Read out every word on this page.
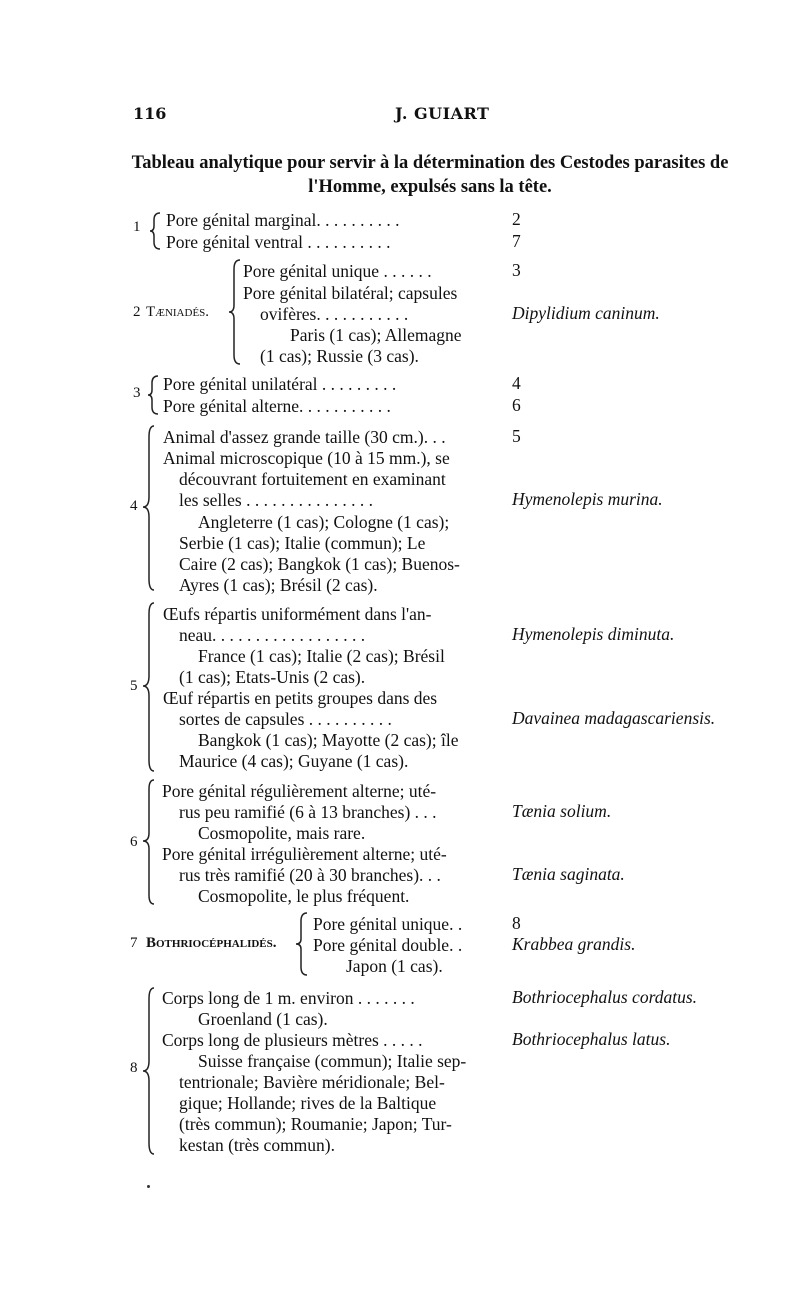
116	J. GUIART
Tableau analytique pour servir à la détermination des Cestodes parasites de l'Homme, expulsés sans la tête.
1 Pore génital marginal. . . . . . . . . .	2
Pore génital ventral . . . . . . . . . .	7
2 Tæniadés.
Pore génital unique . . . . . .	3
Pore génital bilatéral; capsules
ovifères. . . . . . . . . . .	Dipylidium caninum.
Paris (1 cas); Allemagne
(1 cas); Russie (3 cas).
3 Pore génital unilatéral . . . . . . . . .	4
Pore génital alterne. . . . . . . . . . .	6
4
Animal d'assez grande taille (30 cm.). . .	5
Animal microscopique (10 à 15 mm.), se
découvrant fortuitement en examinant
les selles . . . . . . . . . . . . . . .	Hymenolepis murina.
Angleterre (1 cas); Cologne (1 cas);
Serbie (1 cas); Italie (commun); Le
Caire (2 cas); Bangkok (1 cas); Buenos-
Ayres (1 cas); Brésil (2 cas).
5
Œufs répartis uniformément dans l'an-
neau. . . . . . . . . . . . . . . . . .	Hymenolepis diminuta.
France (1 cas); Italie (2 cas); Brésil
(1 cas); Etats-Unis (2 cas).
Œuf répartis en petits groupes dans des
sortes de capsules . . . . . . . . . .	Davainea madagascariensis.
Bangkok (1 cas); Mayotte (2 cas); île
Maurice (4 cas); Guyane (1 cas).
6
Pore génital régulièrement alterne; uté-
rus peu ramifié (6 à 13 branches) . . .	Tænia solium.
Cosmopolite, mais rare.
Pore génital irrégulièrement alterne; uté-
rus très ramifié (20 à 30 branches). . .	Tænia saginata.
Cosmopolite, le plus fréquent.
7 Bothriocéphalidés.
Pore génital unique. .	8
Pore génital double. .	Krabbea grandis.
Japon (1 cas).
8
Corps long de 1 m. environ . . . . . . .	Bothriocephalus cordatus.
Groenland (1 cas).
Corps long de plusieurs mètres . . . . .	Bothriocephalus latus.
Suisse française (commun); Italie sep-
tentrionale; Bavière méridionale; Bel-
gique; Hollande; rives de la Baltique
(très commun); Roumanie; Japon; Tur-
kestan (très commun).
